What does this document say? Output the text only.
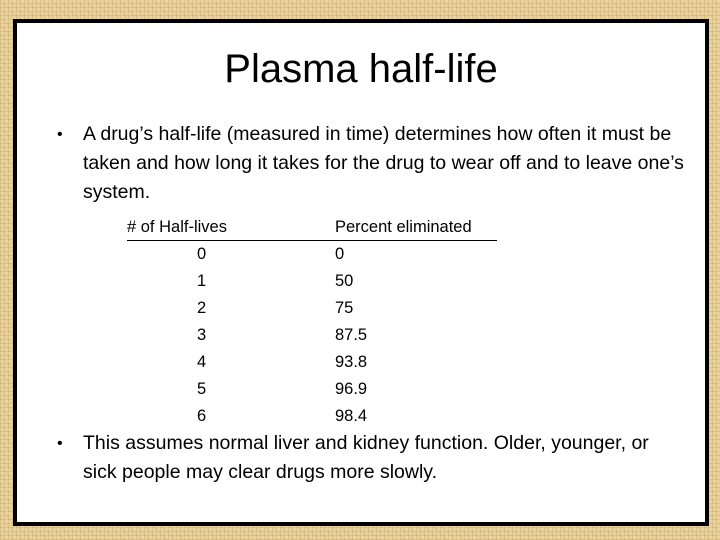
Plasma half-life
•	A drug’s half-life (measured in time) determines how often it must be taken and how long it takes for the drug to wear off and to leave one’s system.
# of Half-lives	Percent eliminated
0	0
1	50
2	75
3	87.5
4	93.8
5	96.9
6	98.4
•	This assumes normal liver and kidney function. Older, younger, or sick people may clear drugs more slowly.
